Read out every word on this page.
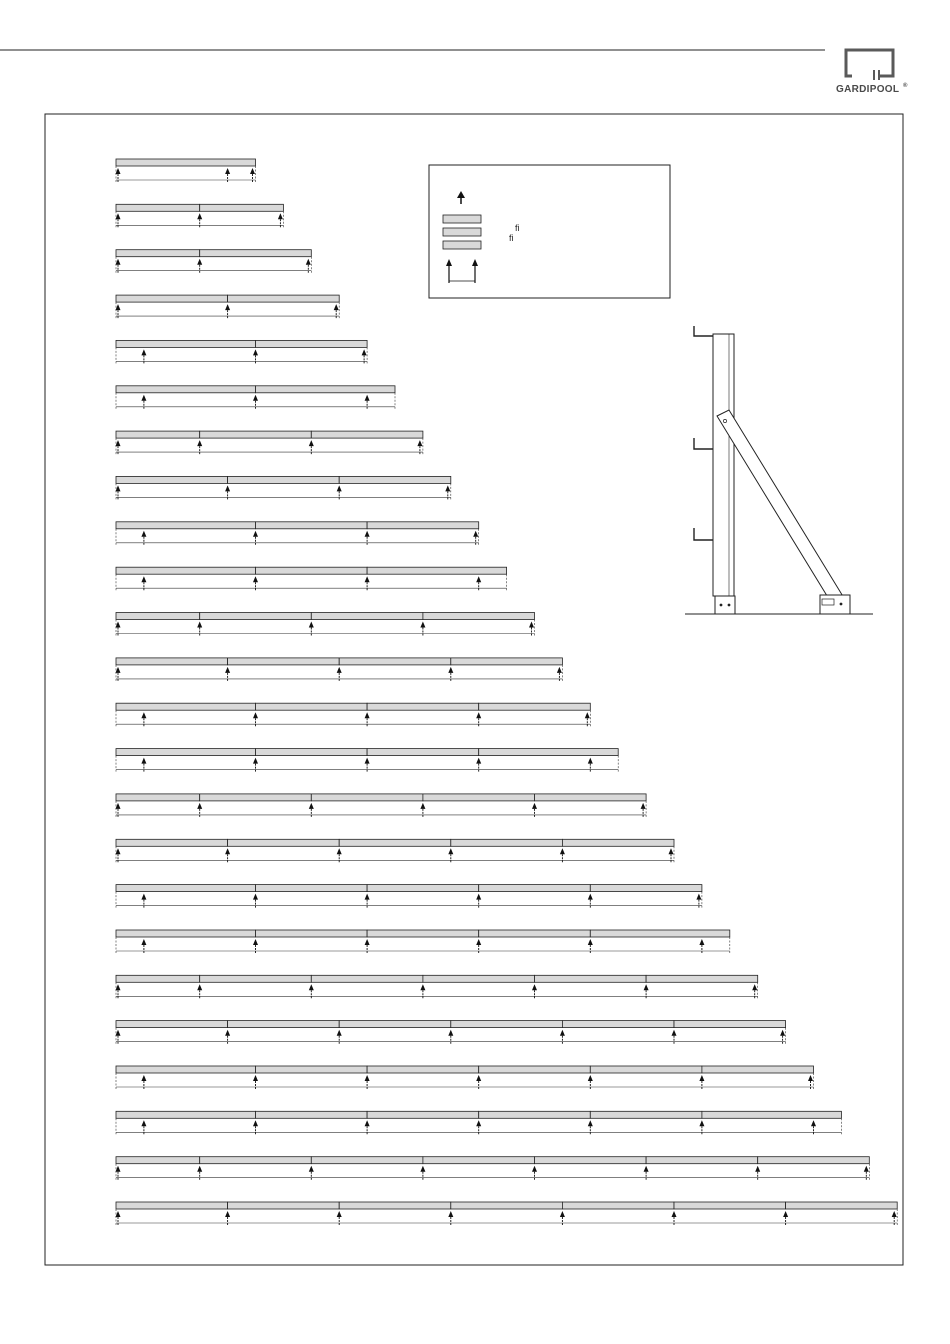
GARDIPOOL ®
fi
fi
